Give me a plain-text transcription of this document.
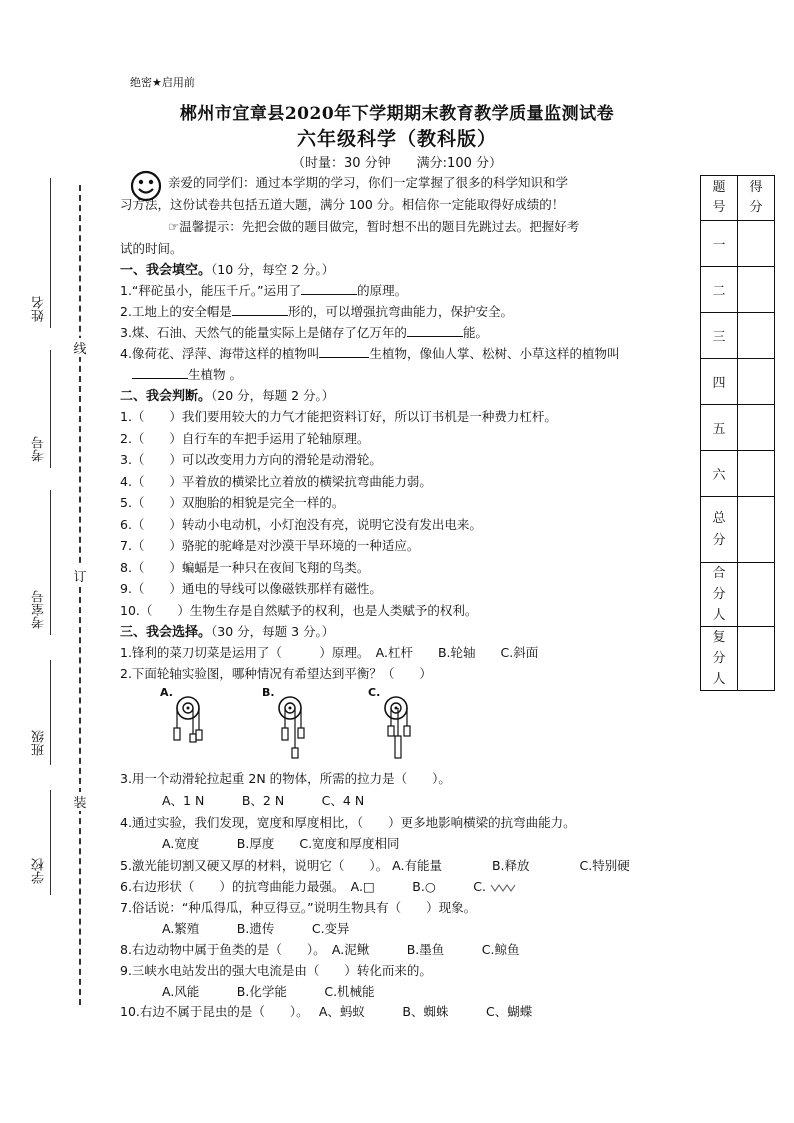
绝密★启用前
郴州市宜章县2020年下学期期末教育教学质量监测试卷
六年级科学（教科版）
（时量：30 分钟　　满分:100 分）
线
订
装
姓名
考号
考室号
班级
学校
亲爱的同学们：通过本学期的学习，你们一定掌握了很多的科学知识和学
习方法，这份试卷共包括五道大题，满分 100 分。相信你一定能取得好成绩的！
☞温馨提示：先把会做的题目做完，暂时想不出的题目先跳过去。把握好考
试的时间。
题号	得分

一	
二	
三	
四	
五	
六	

总分	

合分人	

复分人	

一、我会填空。（10 分，每空 2 分。）
1.“秤砣虽小，能压千斤。”运用了	的原理。
2.工地上的安全帽是	形的，可以增强抗弯曲能力，保护安全。
3.煤、石油、天然气的能量实际上是储存了亿万年的	能。
4.像荷花、浮萍、海带这样的植物叫	生植物，像仙人掌、松树、小草这样的植物叫
生植物 。
二、我会判断。（20 分，每题 2 分。）
1.（　　）我们要用较大的力气才能把资料订好，所以订书机是一种费力杠杆。
2.（　　）自行车的车把手运用了轮轴原理。
3.（　　）可以改变用力方向的滑轮是动滑轮。
4.（　　）平着放的横梁比立着放的横梁抗弯曲能力弱。
5.（　　）双胞胎的相貌是完全一样的。
6.（　　）转动小电动机，小灯泡没有亮，说明它没有发出电来。
7.（　　）骆驼的驼峰是对沙漠干旱环境的一种适应。
8.（　　）蝙蝠是一种只在夜间飞翔的鸟类。
9.（　　）通电的导线可以像磁铁那样有磁性。
10.（　　）生物生存是自然赋予的权利，也是人类赋予的权利。
三、我会选择。（30 分，每题 3 分。）
1.锋利的菜刀切菜是运用了（　　　）原理。　A.杠杆　　B.轮轴　　C.斜面
2.下面轮轴实验图，哪种情况有希望达到平衡？（　　）
A.	B.	C.
3.用一个动滑轮拉起重 2N 的物体，所需的拉力是（　　）。
A、1 N　　　B、2 N　　　C、4 N
4.通过实验，我们发现，宽度和厚度相比，（　　）更多地影响横梁的抗弯曲能力。
A.宽度　　　B.厚度　　C.宽度和厚度相同
5.激光能切割又硬又厚的材料，说明它（　　）。 A.有能量　　　　B.释放　　　　C.特别硬
6.右边形状（　　）的抗弯曲能力最强。　A.□　　　B.○　　　C.
7.俗话说：“种瓜得瓜，种豆得豆。”说明生物具有（　　）现象。
A.繁殖　　　B.遗传　　　C.变异
8.右边动物中属于鱼类的是（　　）。　A.泥鳅　　　B.墨鱼　　　C.鲸鱼
9.三峡水电站发出的强大电流是由（　　）转化而来的。
A.风能　　　B.化学能　　　C.机械能
10.右边不属于昆虫的是（　　）。　 A、蚂蚁　　　B、蜘蛛　　　C、蝴蝶
